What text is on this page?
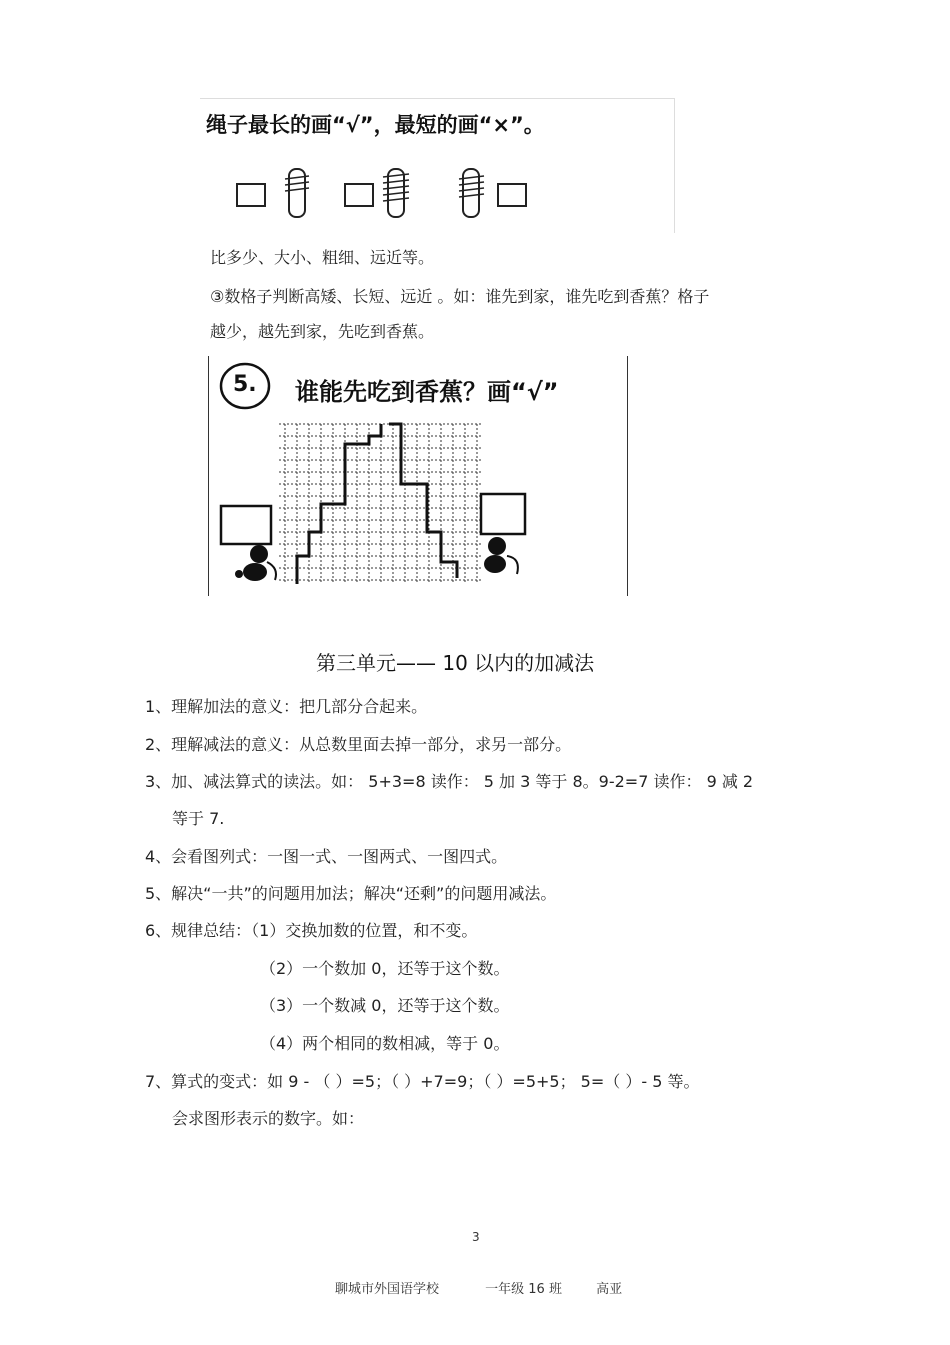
绳子最长的画“√”，最短的画“×”。
比多少、大小、粗细、远近等。
③数格子判断高矮、长短、远近 。如：谁先到家，谁先吃到香蕉？格子
越少，越先到家，先吃到香蕉。
5. 谁能先吃到香蕉？画“√”
第三单元—— 10 以内的加减法
1、理解加法的意义：把几部分合起来。
2、理解减法的意义：从总数里面去掉一部分，求另一部分。
3、加、减法算式的读法。如： 5+3=8 读作： 5 加 3 等于 8。9-2=7 读作： 9 减 2
等于 7.
4、会看图列式：一图一式、一图两式、一图四式。
5、解决“一共”的问题用加法；解决“还剩”的问题用减法。
6、规律总结：（1）交换加数的位置，和不变。
（2）一个数加 0，还等于这个数。
（3）一个数减 0，还等于这个数。
（4）两个相同的数相减，等于 0。
7、算式的变式：如 9 - （ ）=5；（ ）+7=9；（ ）=5+5； 5=（ ）- 5 等。
会求图形表示的数字。如：
3
聊城市外国语学校	一年级 16 班	高亚
